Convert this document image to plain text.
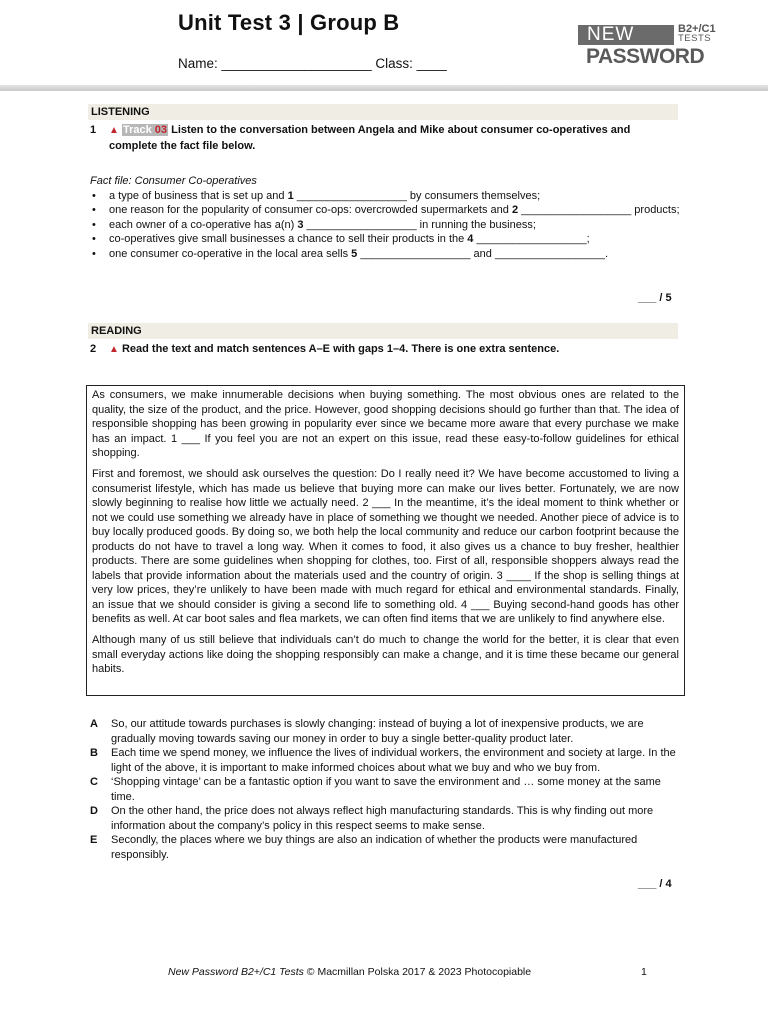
Unit Test 3 | Group B
Name: ____________________ Class: ____
NEW	B2+/C1
TESTS
PASSWORD
LISTENING
1 ▲ Track 03 Listen to the conversation between Angela and Mike about consumer co-operatives and complete the fact file below.
Fact file: Consumer Co-operatives
• a type of business that is set up and 1 __________________ by consumers themselves;
• one reason for the popularity of consumer co-ops: overcrowded supermarkets and 2 __________________ products;
• each owner of a co-operative has a(n) 3 __________________ in running the business;
• co-operatives give small businesses a chance to sell their products in the 4 __________________;
• one consumer co-operative in the local area sells 5 __________________ and __________________.
___ / 5
READING
2 ▲ Read the text and match sentences A–E with gaps 1–4. There is one extra sentence.

As consumers, we make innumerable decisions when buying something. The most obvious ones are related to the quality, the size of the product, and the price. However, good shopping decisions should go further than that. The idea of responsible shopping has been growing in popularity ever since we became more aware that every purchase we make has an impact. 1 ___ If you feel you are not an expert on this issue, read these easy-to-follow guidelines for ethical shopping.

First and foremost, we should ask ourselves the question: Do I really need it? We have become accustomed to living a consumerist lifestyle, which has made us believe that buying more can make our lives better. Fortunately, we are now slowly beginning to realise how little we actually need. 2 ___ In the meantime, it’s the ideal moment to think whether or not we could use something we already have in place of something we thought we needed. Another piece of advice is to buy locally produced goods. By doing so, we both help the local community and reduce our carbon footprint because the products do not have to travel a long way. When it comes to food, it also gives us a chance to buy fresher, healthier products. There are some guidelines when shopping for clothes, too. First of all, responsible shoppers always read the labels that provide information about the materials used and the country of origin. 3 ____ If the shop is selling things at very low prices, they’re unlikely to have been made with much regard for ethical and environmental standards. Finally, an issue that we should consider is giving a second life to something old. 4 ___ Buying second-hand goods has other benefits as well. At car boot sales and flea markets, we can often find items that we are unlikely to find anywhere else.

Although many of us still believe that individuals can’t do much to change the world for the better, it is clear that even small everyday actions like doing the shopping responsibly can make a change, and it is time these became our general habits.

A So, our attitude towards purchases is slowly changing: instead of buying a lot of inexpensive products, we are gradually moving towards saving our money in order to buy a single better-quality product later.
B Each time we spend money, we influence the lives of individual workers, the environment and society at large. In the light of the above, it is important to make informed choices about what we buy and who we buy from.
C ‘Shopping vintage’ can be a fantastic option if you want to save the environment and … some money at the same time.
D On the other hand, the price does not always reflect high manufacturing standards. This is why finding out more information about the company’s policy in this respect seems to make sense.
E Secondly, the places where we buy things are also an indication of whether the products were manufactured responsibly.
___ / 4
New Password B2+/C1 Tests © Macmillan Polska 2017 & 2023 Photocopiable	1
